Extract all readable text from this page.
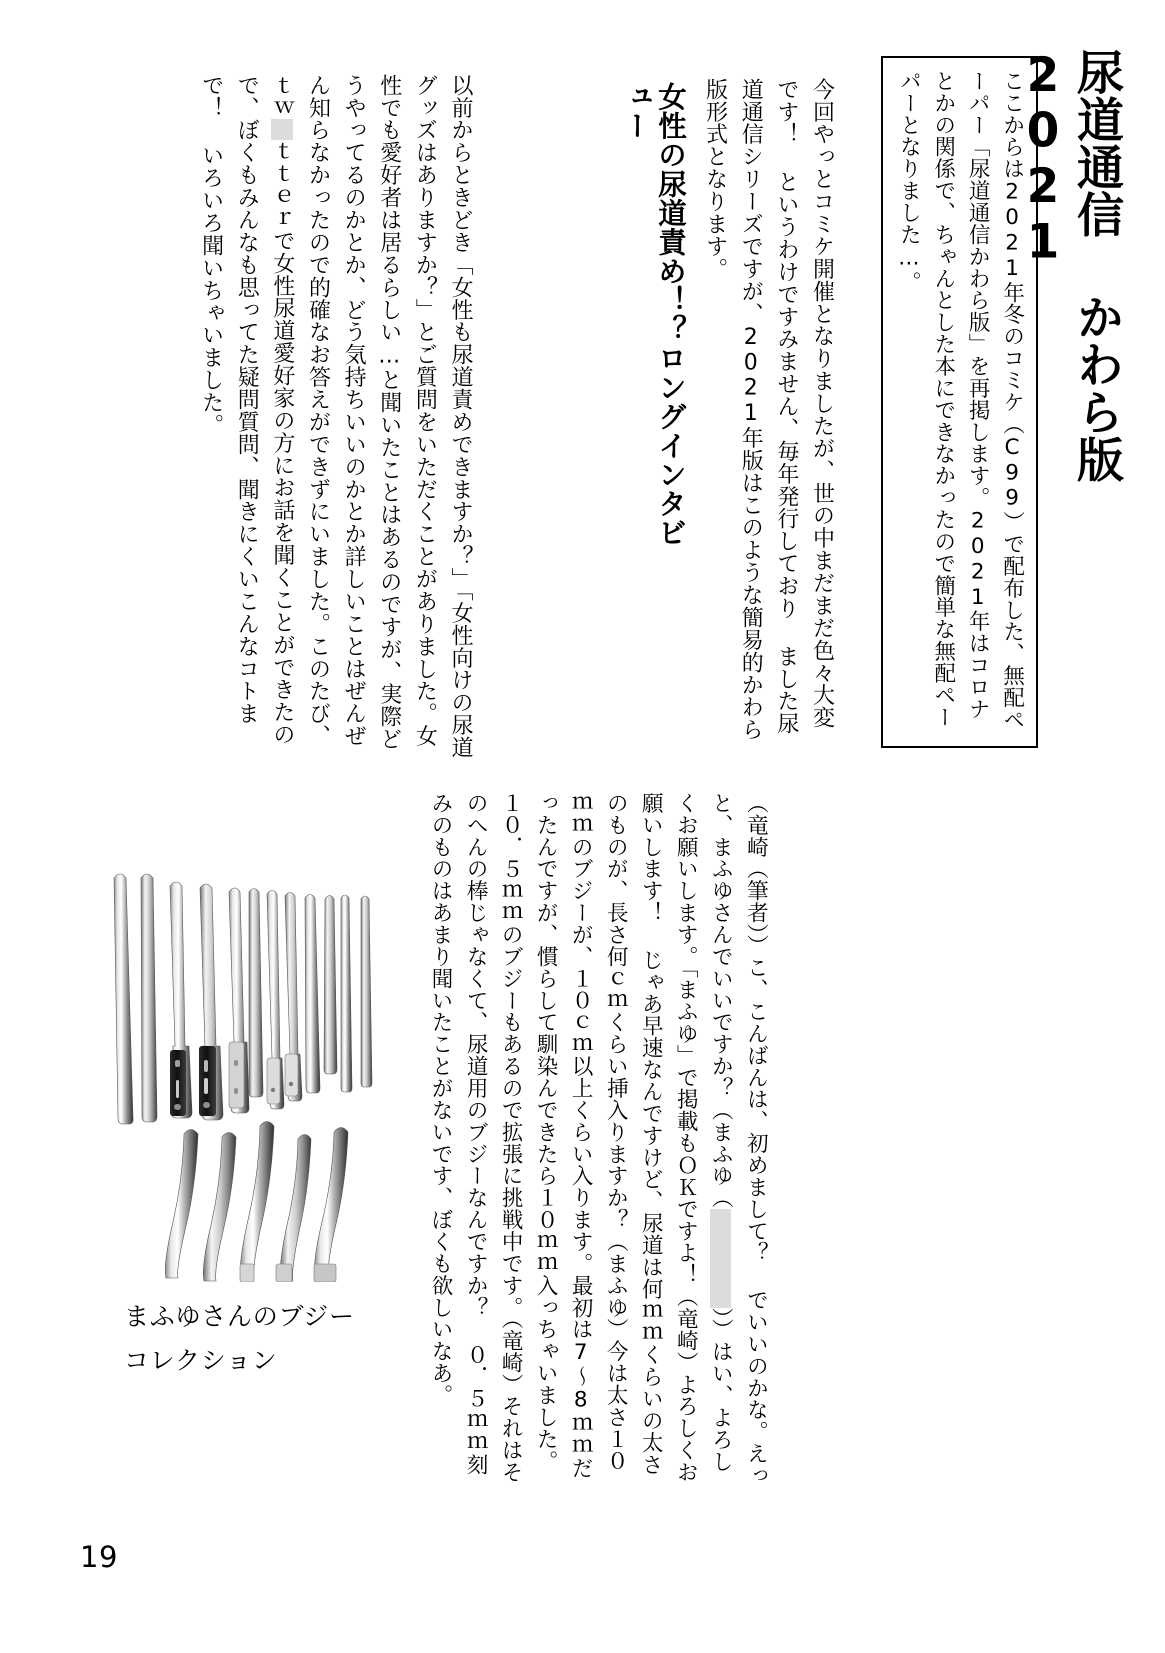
尿道通信 かわら版2021
ここからは2021年冬のコミケ（C99）で配布した、無配ペーパー「尿道通信かわら版」を再掲します。2021年はコロナとかの関係で、ちゃんとした本にできなかったので簡単な無配ペーパーとなりました…。
今回やっとコミケ開催となりましたが、世の中まだまだ色々大変です！ というわけですみません、毎年発行しており ました尿道通信シリーズですが、2021年版はこのような簡易的かわら版形式となります。
女性の尿道責め！？ロングインタビュー
以前からときどき「女性も尿道責めできますか？」「女性向けの尿道グッズはありますか？」とご質問をいただくことがありました。女性でも愛好者は居るらしい…と聞いたことはあるのですが、実際どうやってるのかとか、どう気持ちいいのかとか詳しいことはぜんぜん知らなかったので的確なお答えができずにいました。このたび、ｔｗｔｔｅｒで女性尿道愛好家の方にお話を聞くことができたので、ぼくもみんなも思ってた疑問質問、聞きにくいこんなコトまで！ いろいろ聞いちゃいました。
（竜崎（筆者））こ、こんばんは、初めまして？ でいいのかな。えっと、まふゆさんでいいですか？（まふゆ（））はい、よろしくお願いします。「まふゆ」で掲載もＯＫですよ！（竜崎）よろしくお願いします！ じゃあ早速なんですけど、尿道は何ｍｍくらいの太さのものが、長さ何ｃｍくらい挿入りますか？（まふゆ）今は太さ１０ｍｍのブジーが、１０ｃｍ以上くらい入ります。最初は7〜8ｍｍだったんですが、慣らして馴染んできたら１０ｍｍ入っちゃいました。１０．５ｍｍのブジーもあるので拡張に挑戦中です。（竜崎）それはそのへんの棒じゃなくて、尿道用のブジーなんですか？ ０．５ｍｍ刻みのものはあまり聞いたことがないです、ぼくも欲しいなあ。
まふゆさんのブジー
コレクション
19
